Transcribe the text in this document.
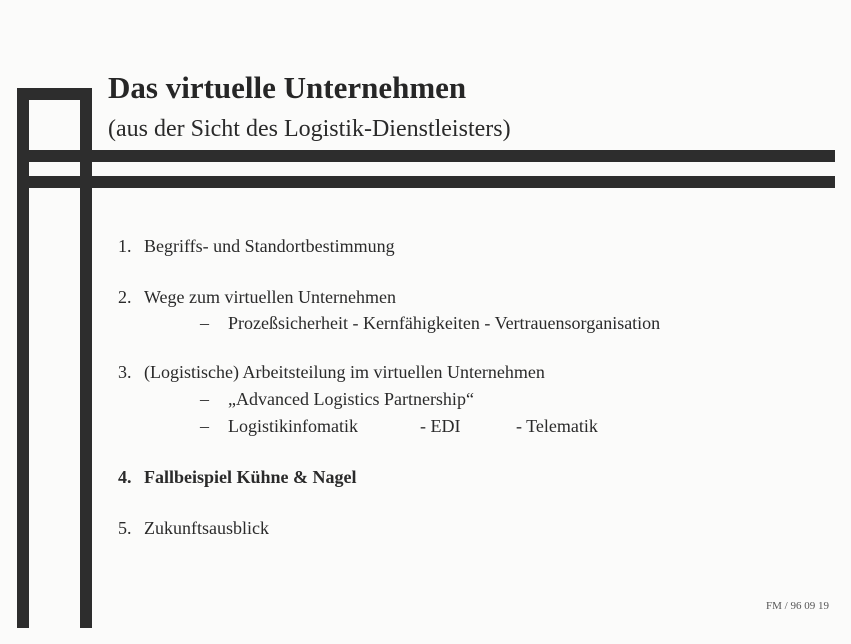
Das virtuelle Unternehmen
(aus der Sicht des Logistik-Dienstleisters)
1. Begriffs- und Standortbestimmung
2. Wege zum virtuellen Unternehmen
– Prozeßsicherheit - Kernfähigkeiten - Vertrauensorganisation
3. (Logistische) Arbeitsteilung im virtuellen Unternehmen
– „Advanced Logistics Partnership“
– Logistikinfomatik	- EDI	- Telematik
4. Fallbeispiel Kühne & Nagel
5. Zukunftsausblick
FM / 96 09 19
